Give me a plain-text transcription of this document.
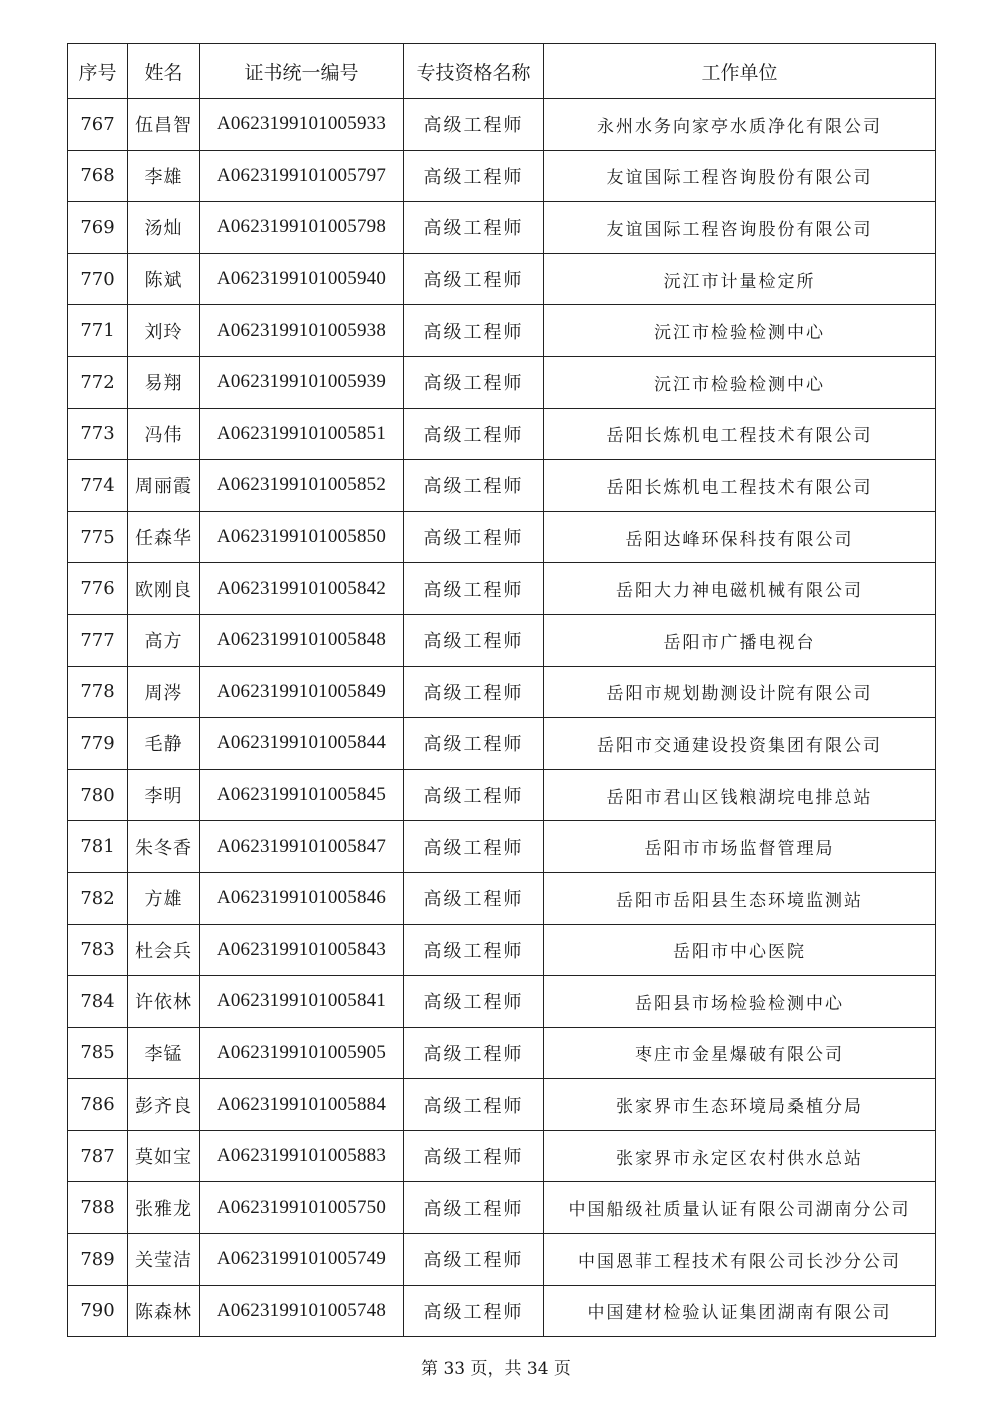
序号	姓名	证书统一编号	专技资格名称	工作单位
767	伍昌智	A0623199101005933	高级工程师	永州水务向家亭水质净化有限公司
768	李雄	A0623199101005797	高级工程师	友谊国际工程咨询股份有限公司
769	汤灿	A0623199101005798	高级工程师	友谊国际工程咨询股份有限公司
770	陈斌	A0623199101005940	高级工程师	沅江市计量检定所
771	刘玲	A0623199101005938	高级工程师	沅江市检验检测中心
772	易翔	A0623199101005939	高级工程师	沅江市检验检测中心
773	冯伟	A0623199101005851	高级工程师	岳阳长炼机电工程技术有限公司
774	周丽霞	A0623199101005852	高级工程师	岳阳长炼机电工程技术有限公司
775	任森华	A0623199101005850	高级工程师	岳阳达峰环保科技有限公司
776	欧刚良	A0623199101005842	高级工程师	岳阳大力神电磁机械有限公司
777	高方	A0623199101005848	高级工程师	岳阳市广播电视台
778	周涔	A0623199101005849	高级工程师	岳阳市规划勘测设计院有限公司
779	毛静	A0623199101005844	高级工程师	岳阳市交通建设投资集团有限公司
780	李明	A0623199101005845	高级工程师	岳阳市君山区钱粮湖垸电排总站
781	朱冬香	A0623199101005847	高级工程师	岳阳市市场监督管理局
782	方雄	A0623199101005846	高级工程师	岳阳市岳阳县生态环境监测站
783	杜会兵	A0623199101005843	高级工程师	岳阳市中心医院
784	许依林	A0623199101005841	高级工程师	岳阳县市场检验检测中心
785	李锰	A0623199101005905	高级工程师	枣庄市金星爆破有限公司
786	彭齐良	A0623199101005884	高级工程师	张家界市生态环境局桑植分局
787	莫如宝	A0623199101005883	高级工程师	张家界市永定区农村供水总站
788	张雅龙	A0623199101005750	高级工程师	中国船级社质量认证有限公司湖南分公司
789	关莹洁	A0623199101005749	高级工程师	中国恩菲工程技术有限公司长沙分公司
790	陈森林	A0623199101005748	高级工程师	中国建材检验认证集团湖南有限公司
第 33 页，共 34 页
